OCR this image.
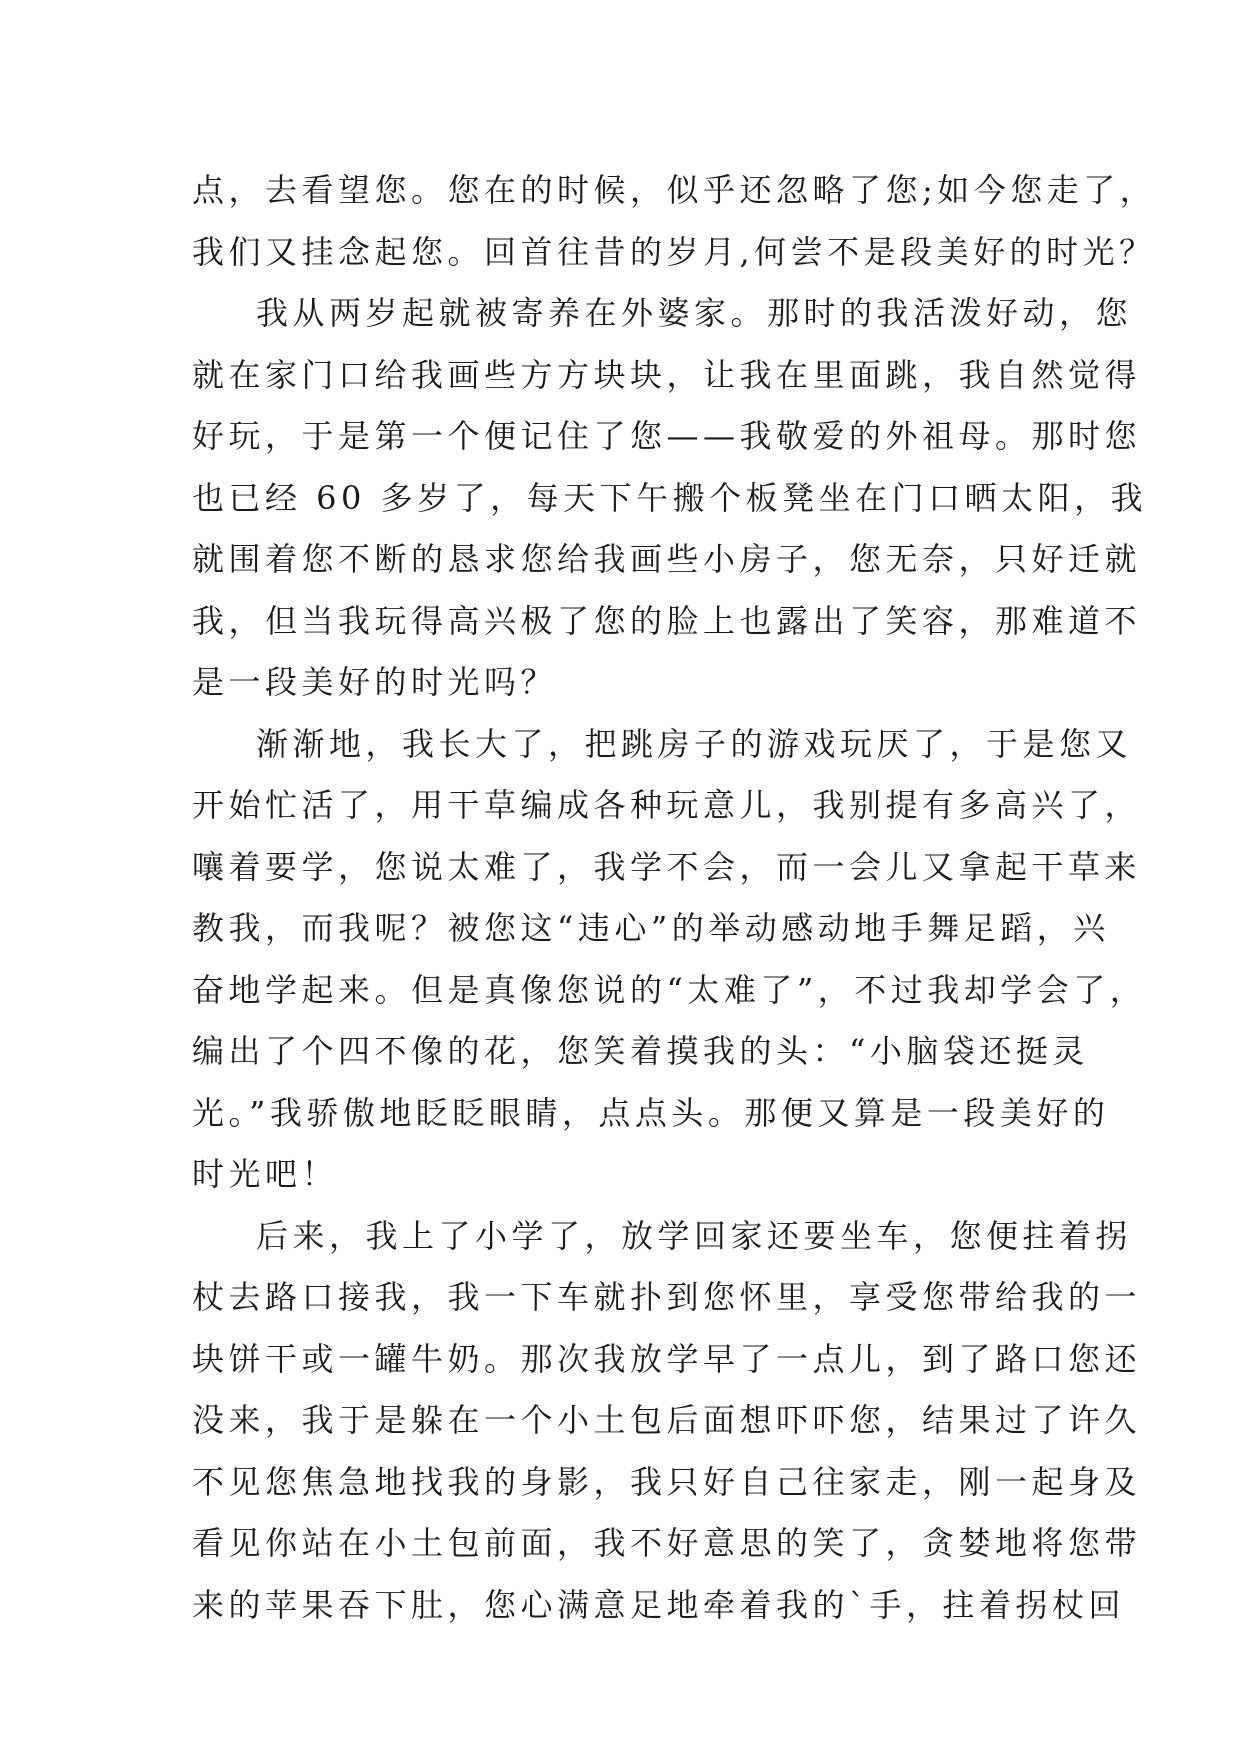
点，去看望您。您在的时候，似乎还忽略了您;如今您走了，
我们又挂念起您。回首往昔的岁月,何尝不是段美好的时光？
我从两岁起就被寄养在外婆家。那时的我活泼好动，您
就在家门口给我画些方方块块，让我在里面跳，我自然觉得
好玩，于是第一个便记住了您——我敬爱的外祖母。那时您
也已经 60 多岁了，每天下午搬个板凳坐在门口晒太阳，我
就围着您不断的恳求您给我画些小房子，您无奈，只好迁就
我，但当我玩得高兴极了您的脸上也露出了笑容，那难道不
是一段美好的时光吗？
渐渐地，我长大了，把跳房子的游戏玩厌了，于是您又
开始忙活了，用干草编成各种玩意儿，我别提有多高兴了，
嚷着要学，您说太难了，我学不会，而一会儿又拿起干草来
教我，而我呢？被您这“违心”的举动感动地手舞足蹈，兴
奋地学起来。但是真像您说的“太难了”，不过我却学会了，
编出了个四不像的花，您笑着摸我的头：“小脑袋还挺灵
光。”我骄傲地眨眨眼睛，点点头。那便又算是一段美好的
时光吧！
后来，我上了小学了，放学回家还要坐车，您便拄着拐
杖去路口接我，我一下车就扑到您怀里，享受您带给我的一
块饼干或一罐牛奶。那次我放学早了一点儿，到了路口您还
没来，我于是躲在一个小土包后面想吓吓您，结果过了许久
不见您焦急地找我的身影，我只好自己往家走，刚一起身及
看见你站在小土包前面，我不好意思的笑了，贪婪地将您带
来的苹果吞下肚，您心满意足地牵着我的`手，拄着拐杖回
